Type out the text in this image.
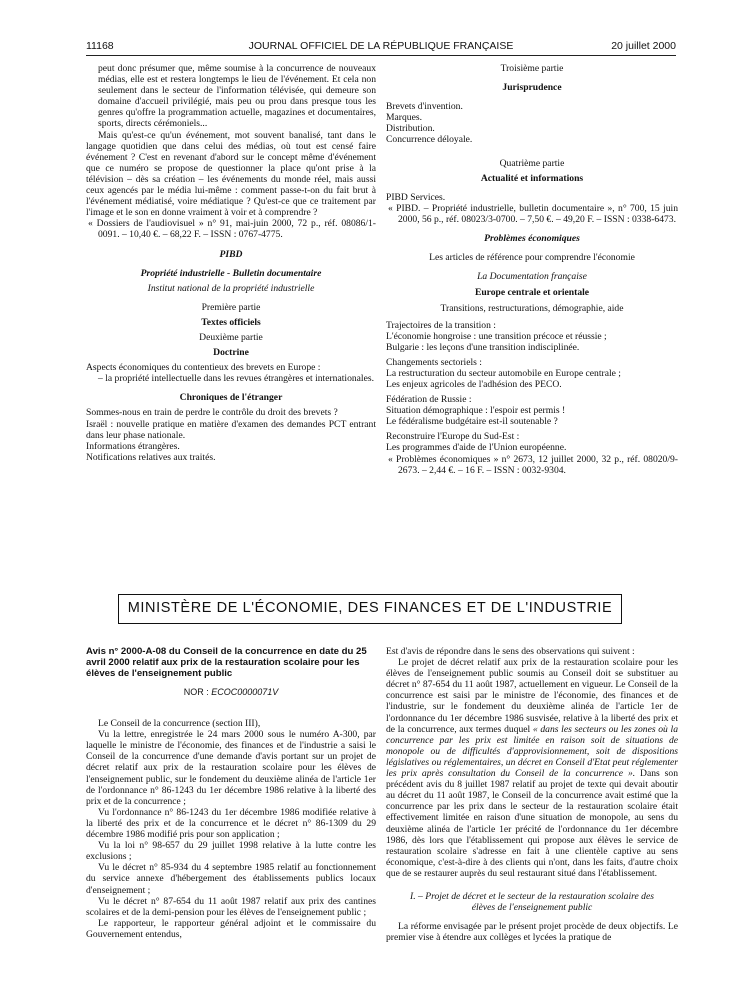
11168	JOURNAL OFFICIEL DE LA RÉPUBLIQUE FRANÇAISE	20 juillet 2000

peut donc présumer que, même soumise à la concurrence de nouveaux médias, elle est et restera longtemps le lieu de l'événement. Et cela non seulement dans le secteur de l'information télévisée, qui demeure son domaine d'accueil privilégié, mais peu ou prou dans presque tous les genres qu'offre la programmation actuelle, magazines et documentaires, sports, directs cérémoniels...

Mais qu'est-ce qu'un événement, mot souvent banalisé, tant dans le langage quotidien que dans celui des médias, où tout est censé faire événement ? C'est en revenant d'abord sur le concept même d'événement que ce numéro se propose de questionner la place qu'ont prise à la télévision – dès sa création – les événements du monde réel, mais aussi ceux agencés par le média lui-même : comment passe-t-on du fait brut à l'événement médiatisé, voire médiatique ? Qu'est-ce que ce traitement par l'image et le son en donne vraiment à voir et à comprendre ?

« Dossiers de l'audiovisuel » n° 91, mai-juin 2000, 72 p., réf. 08086/1-0091. – 10,40 €. – 68,22 F. – ISSN : 0767-4775.

PIBD

Propriété industrielle - Bulletin documentaire

Institut national de la propriété industrielle

Première partie

Textes officiels

Deuxième partie

Doctrine

Aspects économiques du contentieux des brevets en Europe :

– la propriété intellectuelle dans les revues étrangères et internationales.

Chroniques de l'étranger

Sommes-nous en train de perdre le contrôle du droit des brevets ?

Israël : nouvelle pratique en matière d'examen des demandes PCT entrant dans leur phase nationale.

Informations étrangères.

Notifications relatives aux traités.

Troisième partie

Jurisprudence

Brevets d'invention.

Marques.

Distribution.

Concurrence déloyale.

Quatrième partie

Actualité et informations

PIBD Services.

« PIBD. – Propriété industrielle, bulletin documentaire », n° 700, 15 juin 2000, 56 p., réf. 08023/3-0700. – 7,50 €. – 49,20 F. – ISSN : 0338-6473.

Problèmes économiques

Les articles de référence pour comprendre l'économie

La Documentation française

Europe centrale et orientale

Transitions, restructurations, démographie, aide

Trajectoires de la transition :

L'économie hongroise : une transition précoce et réussie ;

Bulgarie : les leçons d'une transition indisciplinée.

Changements sectoriels :

La restructuration du secteur automobile en Europe centrale ;

Les enjeux agricoles de l'adhésion des PECO.

Fédération de Russie :

Situation démographique : l'espoir est permis !

Le fédéralisme budgétaire est-il soutenable ?

Reconstruire l'Europe du Sud-Est :

Les programmes d'aide de l'Union européenne.

« Problèmes économiques » n° 2673, 12 juillet 2000, 32 p., réf. 08020/9-2673. – 2,44 €. – 16 F. – ISSN : 0032-9304.

MINISTÈRE DE L'ÉCONOMIE, DES FINANCES ET DE L'INDUSTRIE

Avis n° 2000-A-08 du Conseil de la concurrence en date du 25 avril 2000 relatif aux prix de la restauration scolaire pour les élèves de l'enseignement public

NOR : ECOC0000071V

Le Conseil de la concurrence (section III),

Vu la lettre, enregistrée le 24 mars 2000 sous le numéro A-300, par laquelle le ministre de l'économie, des finances et de l'industrie a saisi le Conseil de la concurrence d'une demande d'avis portant sur un projet de décret relatif aux prix de la restauration scolaire pour les élèves de l'enseignement public, sur le fondement du deuxième alinéa de l'article 1er de l'ordonnance n° 86-1243 du 1er décembre 1986 relative à la liberté des prix et de la concurrence ;

Vu l'ordonnance n° 86-1243 du 1er décembre 1986 modifiée relative à la liberté des prix et de la concurrence et le décret n° 86-1309 du 29 décembre 1986 modifié pris pour son application ;

Vu la loi n° 98-657 du 29 juillet 1998 relative à la lutte contre les exclusions ;

Vu le décret n° 85-934 du 4 septembre 1985 relatif au fonctionnement du service annexe d'hébergement des établissements publics locaux d'enseignement ;

Vu le décret n° 87-654 du 11 août 1987 relatif aux prix des cantines scolaires et de la demi-pension pour les élèves de l'enseignement public ;

Le rapporteur, le rapporteur général adjoint et le commissaire du Gouvernement entendus,

Est d'avis de répondre dans le sens des observations qui suivent :

Le projet de décret relatif aux prix de la restauration scolaire pour les élèves de l'enseignement public soumis au Conseil doit se substituer au décret n° 87-654 du 11 août 1987, actuellement en vigueur. Le Conseil de la concurrence est saisi par le ministre de l'économie, des finances et de l'industrie, sur le fondement du deuxième alinéa de l'article 1er de l'ordonnance du 1er décembre 1986 susvisée, relative à la liberté des prix et de la concurrence, aux termes duquel « dans les secteurs ou les zones où la concurrence par les prix est limitée en raison soit de situations de monopole ou de difficultés d'approvisionnement, soit de dispositions législatives ou réglementaires, un décret en Conseil d'Etat peut réglementer les prix après consultation du Conseil de la concurrence ». Dans son précédent avis du 8 juillet 1987 relatif au projet de texte qui devait aboutir au décret du 11 août 1987, le Conseil de la concurrence avait estimé que la concurrence par les prix dans le secteur de la restauration scolaire était effectivement limitée en raison d'une situation de monopole, au sens du deuxième alinéa de l'article 1er précité de l'ordonnance du 1er décembre 1986, dès lors que l'établissement qui propose aux élèves le service de restauration scolaire s'adresse en fait à une clientèle captive au sens économique, c'est-à-dire à des clients qui n'ont, dans les faits, d'autre choix que de se restaurer auprès du seul restaurant situé dans l'établissement.

I. – Projet de décret et le secteur de la restauration scolaire des élèves de l'enseignement public

La réforme envisagée par le présent projet procède de deux objectifs. Le premier vise à étendre aux collèges et lycées la pratique de
